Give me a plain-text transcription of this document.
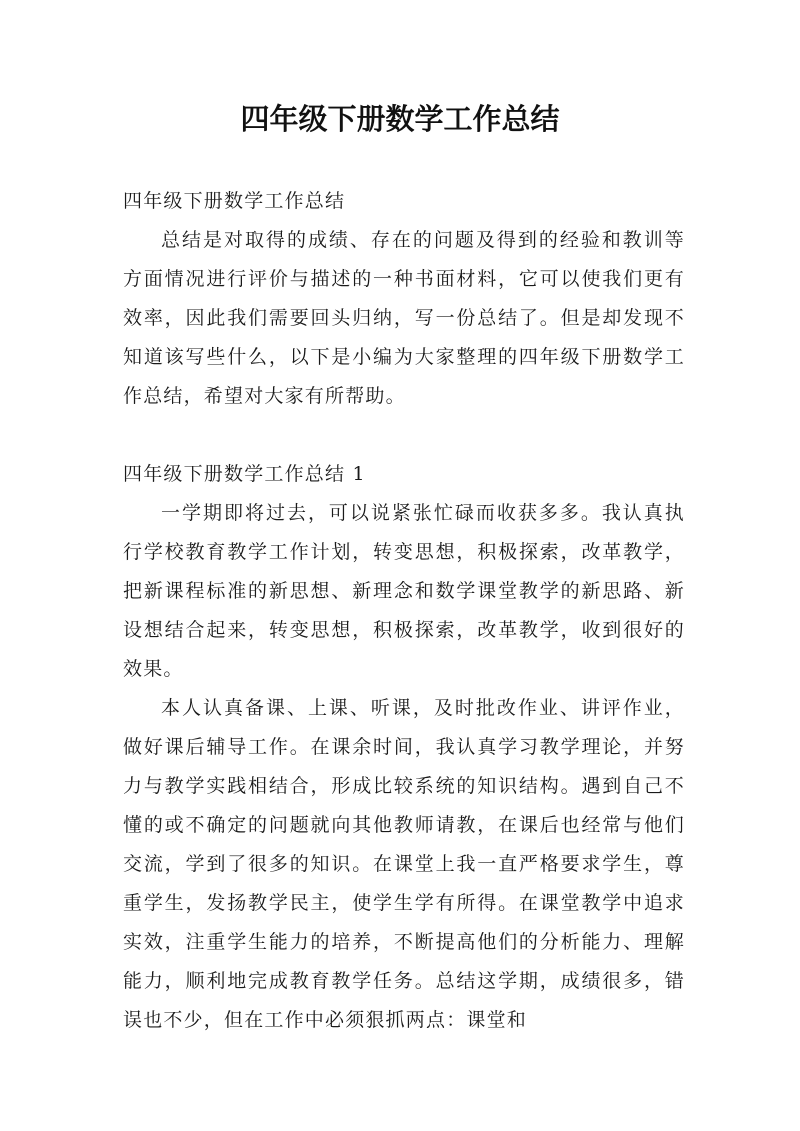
四年级下册数学工作总结

四年级下册数学工作总结

总结是对取得的成绩、存在的问题及得到的经验和教训等方面情况进行评价与描述的一种书面材料，它可以使我们更有效率，因此我们需要回头归纳，写一份总结了。但是却发现不知道该写些什么，以下是小编为大家整理的四年级下册数学工作总结，希望对大家有所帮助。

四年级下册数学工作总结 1

一学期即将过去，可以说紧张忙碌而收获多多。我认真执行学校教育教学工作计划，转变思想，积极探索，改革教学，把新课程标准的新思想、新理念和数学课堂教学的新思路、新设想结合起来，转变思想，积极探索，改革教学，收到很好的效果。

本人认真备课、上课、听课，及时批改作业、讲评作业，做好课后辅导工作。在课余时间，我认真学习教学理论，并努力与教学实践相结合，形成比较系统的知识结构。遇到自己不懂的或不确定的问题就向其他教师请教，在课后也经常与他们交流，学到了很多的知识。在课堂上我一直严格要求学生，尊重学生，发扬教学民主，使学生学有所得。在课堂教学中追求实效，注重学生能力的培养，不断提高他们的分析能力、理解能力，顺利地完成教育教学任务。总结这学期，成绩很多，错误也不少，但在工作中必须狠抓两点：课堂和
